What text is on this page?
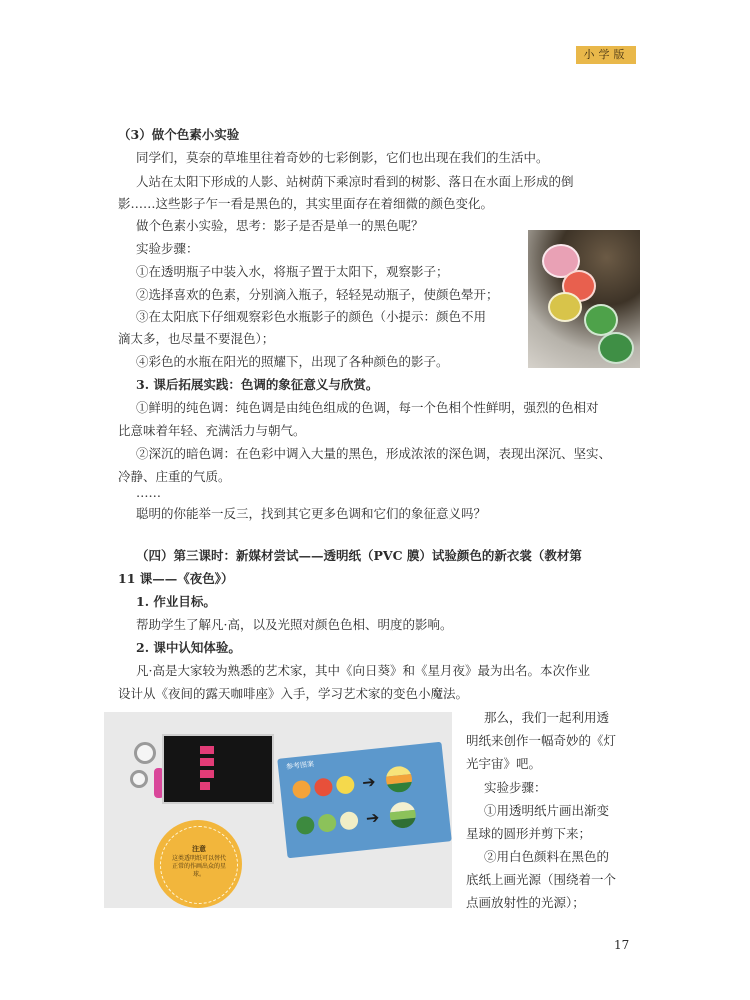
小学版
（3）做个色素小实验
同学们，莫奈的草堆里往着奇妙的七彩倒影，它们也出现在我们的生活中。
人站在太阳下形成的人影、站树荫下乘凉时看到的树影、落日在水面上形成的倒
影……这些影子乍一看是黑色的，其实里面存在着细微的颜色变化。
做个色素小实验，思考：影子是否是单一的黑色呢？
实验步骤：
①在透明瓶子中装入水，将瓶子置于太阳下，观察影子；
②选择喜欢的色素，分别滴入瓶子，轻轻晃动瓶子，使颜色晕开；
③在太阳底下仔细观察彩色水瓶影子的颜色（小提示：颜色不用
滴太多，也尽量不要混色）；
④彩色的水瓶在阳光的照耀下，出现了各种颜色的影子。
3. 课后拓展实践：色调的象征意义与欣赏。
①鲜明的纯色调：纯色调是由纯色组成的色调，每一个色相个性鲜明，强烈的色相对
比意味着年轻、充满活力与朝气。
②深沉的暗色调：在色彩中调入大量的黑色，形成浓浓的深色调，表现出深沉、坚实、
冷静、庄重的气质。
……
聪明的你能举一反三，找到其它更多色调和它们的象征意义吗？
（四）第三课时：新媒材尝试——透明纸（PVC 膜）试验颜色的新衣裳（教材第
11 课——《夜色》）
1. 作业目标。
帮助学生了解凡·高，以及光照对颜色色相、明度的影响。
2. 课中认知体验。
凡·高是大家较为熟悉的艺术家，其中《向日葵》和《星月夜》最为出名。本次作业
设计从《夜间的露天咖啡座》入手，学习艺术家的变色小魔法。
那么，我们一起利用透
明纸来创作一幅奇妙的《灯
光宇宙》吧。
实验步骤：
①用透明纸片画出渐变
星球的圆形并剪下来；
②用白色颜料在黑色的
底纸上画光源（围绕着一个
点画放射性的光源）；

参考图案
➔
➔
注意
这类透明纸可以替代正常的作画出众的星球。
17
